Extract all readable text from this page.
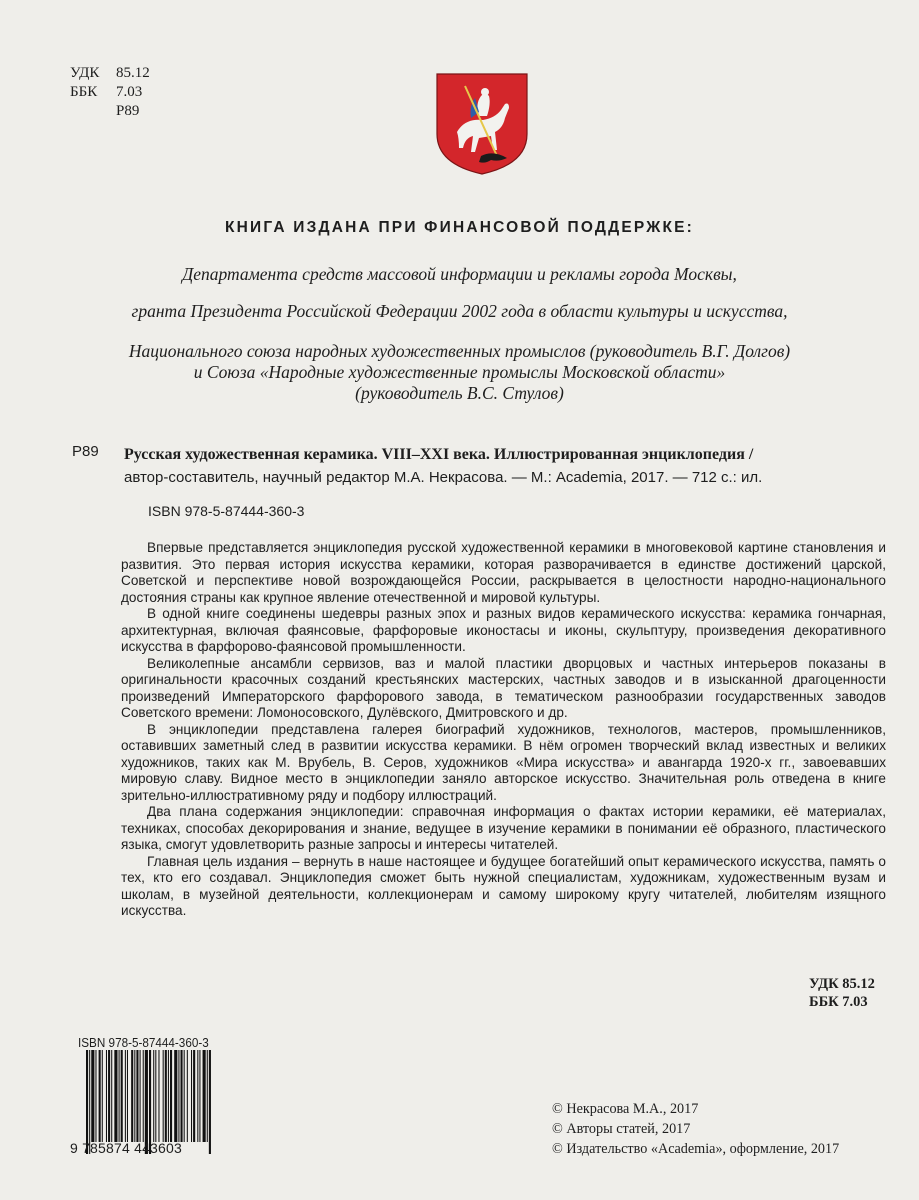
УДК	85.12
ББК	7.03
Р89
КНИГА ИЗДАНА ПРИ ФИНАНСОВОЙ ПОДДЕРЖКЕ:
Департамента средств массовой информации и рекламы города Москвы,
гранта Президента Российской Федерации 2002 года в области культуры и искусства,
Национального союза народных художественных промыслов (руководитель В.Г. Долгов)
и Союза «Народные художественные промыслы Московской области»
(руководитель В.С. Стулов)
Р89 Русская художественная керамика. VIII–XXI века. Иллюстрированная энциклопедия /
автор-составитель, научный редактор М.А. Некрасова. — М.: Academia, 2017. — 712 с.: ил.
ISBN 978-5-87444-360-3

Впервые представляется энциклопедия русской художественной керамики в многовековой картине становления и развития. Это первая история искусства керамики, которая разворачивается в единстве достижений царской, Советской и перспективе новой возрождающейся России, раскрывается в целостности народно-национального достояния страны как крупное явление отечественной и мировой культуры.

В одной книге соединены шедевры разных эпох и разных видов керамического искусства: керамика гончарная, архитектурная, включая фаянсовые, фарфоровые иконостасы и иконы, скульптуру, произведения декоративного искусства в фарфорово-фаянсовой промышленности.

Великолепные ансамбли сервизов, ваз и малой пластики дворцовых и частных интерьеров показаны в оригинальности красочных созданий крестьянских мастерских, частных заводов и в изысканной драгоценности произведений Императорского фарфорового завода, в тематическом разнообразии государственных заводов Советского времени: Ломоносовского, Дулёвского, Дмитровского и др.

В энциклопедии представлена галерея биографий художников, технологов, мастеров, промышленников, оставивших заметный след в развитии искусства керамики. В нём огромен творческий вклад известных и великих художников, таких как М. Врубель, В. Серов, художников «Мира искусства» и авангарда 1920-х гг., завоевавших мировую славу. Видное место в энциклопедии заняло авторское искусство. Значительная роль отведена в книге зрительно-иллюстративному ряду и подбору иллюстраций.

Два плана содержания энциклопедии: справочная информация о фактах истории керамики, её материалах, техниках, способах декорирования и знание, ведущее в изучение керамики в понимании её образного, пластического языка, смогут удовлетворить разные запросы и интересы читателей.

Главная цель издания – вернуть в наше настоящее и будущее богатейший опыт керамического искусства, память о тех, кто его создавал. Энциклопедия сможет быть нужной специалистам, художникам, художественным вузам и школам, в музейной деятельности, коллекционерам и самому широкому кругу читателей, любителям изящного искусства.

УДК 85.12
ББК 7.03
ISBN 978-5-87444-360-3
9 785874 443603
© Некрасова М.А., 2017
© Авторы статей, 2017
© Издательство «Academia», оформление, 2017
